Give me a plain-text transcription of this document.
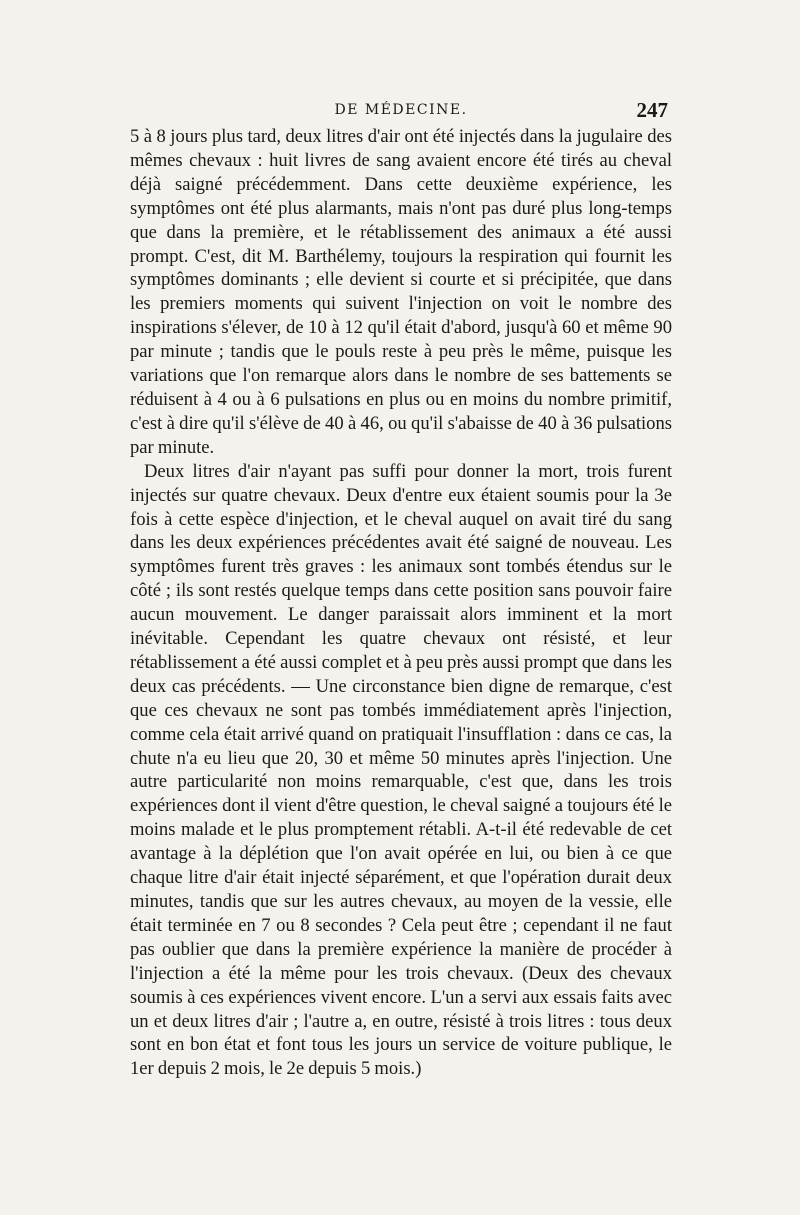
DE MÉDECINE.	247

5 à 8 jours plus tard, deux litres d'air ont été injectés dans la jugulaire des mêmes chevaux : huit livres de sang avaient encore été tirés au cheval déjà saigné précédemment. Dans cette deuxième expérience, les symptômes ont été plus alarmants, mais n'ont pas duré plus long-temps que dans la première, et le rétablissement des animaux a été aussi prompt. C'est, dit M. Barthélemy, toujours la respiration qui fournit les symptômes dominants ; elle devient si courte et si précipitée, que dans les premiers moments qui suivent l'injection on voit le nombre des inspirations s'élever, de 10 à 12 qu'il était d'abord, jusqu'à 60 et même 90 par minute ; tandis que le pouls reste à peu près le même, puisque les variations que l'on remarque alors dans le nombre de ses battements se réduisent à 4 ou à 6 pulsations en plus ou en moins du nombre primitif, c'est à dire qu'il s'élève de 40 à 46, ou qu'il s'abaisse de 40 à 36 pulsations par minute.

Deux litres d'air n'ayant pas suffi pour donner la mort, trois furent injectés sur quatre chevaux. Deux d'entre eux étaient soumis pour la 3e fois à cette espèce d'injection, et le cheval auquel on avait tiré du sang dans les deux expériences précédentes avait été saigné de nouveau. Les symptômes furent très graves : les animaux sont tombés étendus sur le côté ; ils sont restés quelque temps dans cette position sans pouvoir faire aucun mouvement. Le danger paraissait alors imminent et la mort inévitable. Cependant les quatre chevaux ont résisté, et leur rétablissement a été aussi complet et à peu près aussi prompt que dans les deux cas précédents. — Une circonstance bien digne de remarque, c'est que ces chevaux ne sont pas tombés immédiatement après l'injection, comme cela était arrivé quand on pratiquait l'insufflation : dans ce cas, la chute n'a eu lieu que 20, 30 et même 50 minutes après l'injection. Une autre particularité non moins remarquable, c'est que, dans les trois expériences dont il vient d'être question, le cheval saigné a toujours été le moins malade et le plus promptement rétabli. A-t-il été redevable de cet avantage à la déplétion que l'on avait opérée en lui, ou bien à ce que chaque litre d'air était injecté séparément, et que l'opération durait deux minutes, tandis que sur les autres chevaux, au moyen de la vessie, elle était terminée en 7 ou 8 secondes ? Cela peut être ; cependant il ne faut pas oublier que dans la première expérience la manière de procéder à l'injection a été la même pour les trois chevaux. (Deux des chevaux soumis à ces expériences vivent encore. L'un a servi aux essais faits avec un et deux litres d'air ; l'autre a, en outre, résisté à trois litres : tous deux sont en bon état et font tous les jours un service de voiture publique, le 1er depuis 2 mois, le 2e depuis 5 mois.)
